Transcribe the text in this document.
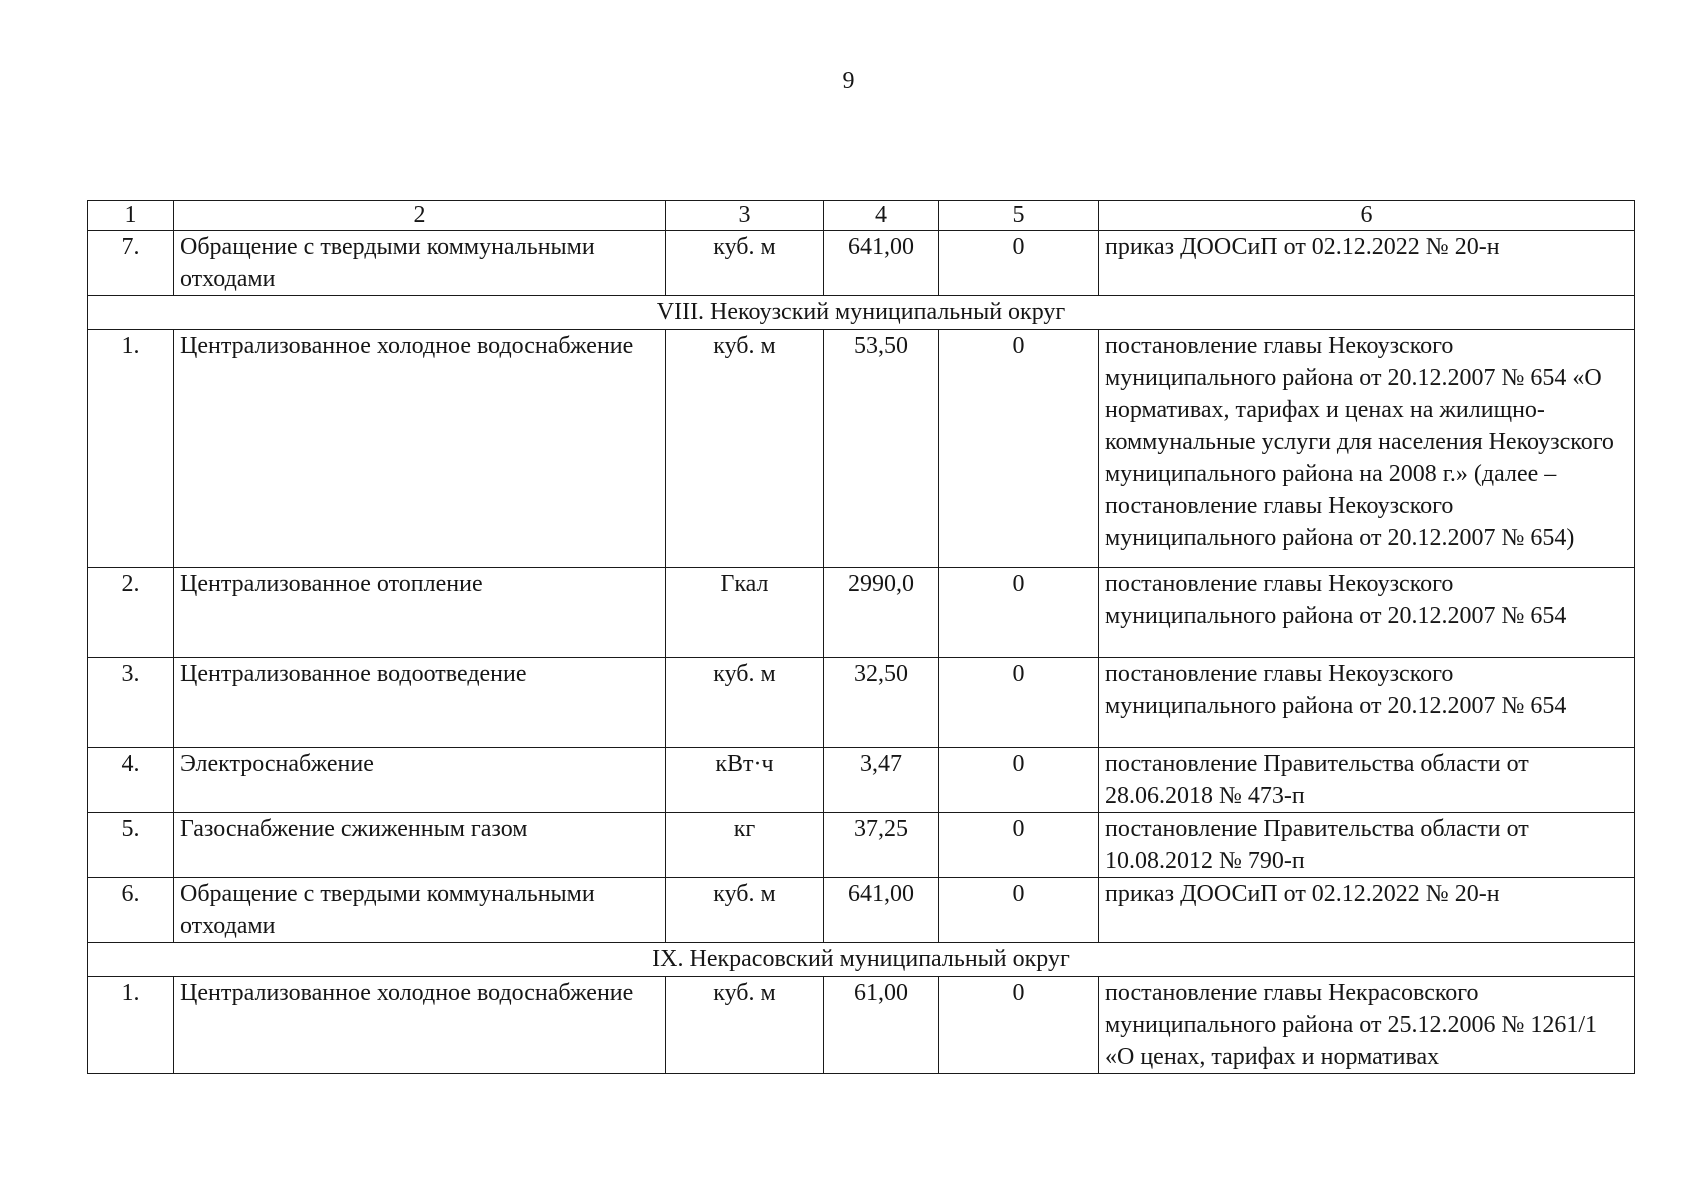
9
1	2	3	4	5	6
7.	Обращение с твердыми коммунальными отходами	куб. м	641,00	0	приказ ДООСиП от 02.12.2022 № 20-н
VIII. Некоузский муниципальный округ					
1.	Централизованное холодное водоснабжение	куб. м	53,50	0	постановление главы Некоузского муниципального района от 20.12.2007 № 654 «О нормативах, тарифах и ценах на жилищно-коммунальные услуги для населения Некоузского муниципального района на 2008 г.» (далее – постановление главы Некоузского муниципального района от 20.12.2007 № 654)
2.	Централизованное отопление	Гкал	2990,0	0	постановление главы Некоузского муниципального района от 20.12.2007 № 654
3.	Централизованное водоотведение	куб. м	32,50	0	постановление главы Некоузского муниципального района от 20.12.2007 № 654
4.	Электроснабжение	кВт·ч	3,47	0	постановление Правительства области от 28.06.2018 № 473-п
5.	Газоснабжение сжиженным газом	кг	37,25	0	постановление Правительства области от 10.08.2012 № 790-п
6.	Обращение с твердыми коммунальными отходами	куб. м	641,00	0	приказ ДООСиП от 02.12.2022 № 20-н
IX. Некрасовский муниципальный округ					
1.	Централизованное холодное водоснабжение	куб. м	61,00	0	постановление главы Некрасовского муниципального района от 25.12.2006 № 1261/1 «О ценах, тарифах и нормативах
